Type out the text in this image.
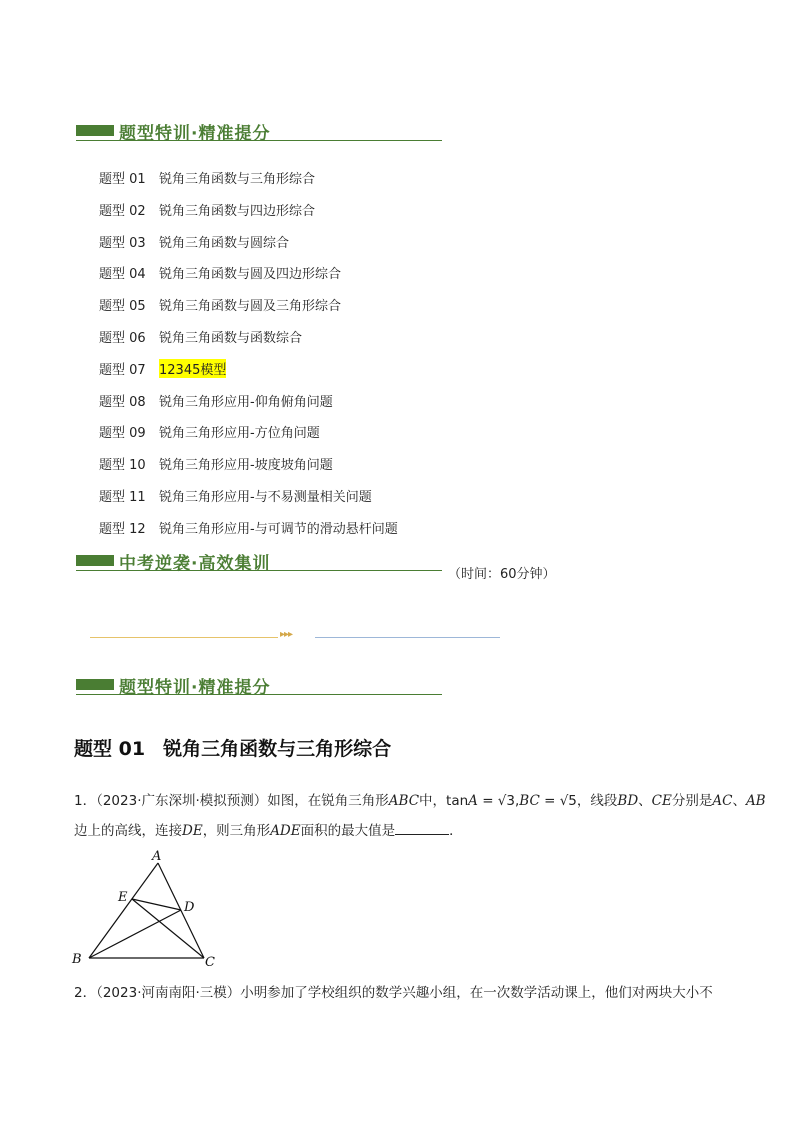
题型特训·精准提分
题型 01 锐角三角函数与三角形综合
题型 02 锐角三角函数与四边形综合
题型 03 锐角三角函数与圆综合
题型 04 锐角三角函数与圆及四边形综合
题型 05 锐角三角函数与圆及三角形综合
题型 06 锐角三角函数与函数综合
题型 07 12345模型
题型 08 锐角三角形应用-仰角俯角问题
题型 09 锐角三角形应用-方位角问题
题型 10 锐角三角形应用-坡度坡角问题
题型 11 锐角三角形应用-与不易测量相关问题
题型 12 锐角三角形应用-与可调节的滑动悬杆问题
中考逆袭·高效集训
（时间：60分钟）
▸▸▸
题型特训·精准提分
题型 01 锐角三角函数与三角形综合
1．（2023·广东深圳·模拟预测）如图，在锐角三角形ABC中，tanA = √3,BC = √5，线段BD、CE分别是AC、AB
边上的高线，连接DE，则三角形ADE面积的最大值是	．
A
B	C
D
E
2．（2023·河南南阳·三模）小明参加了学校组织的数学兴趣小组，在一次数学活动课上，他们对两块大小不
